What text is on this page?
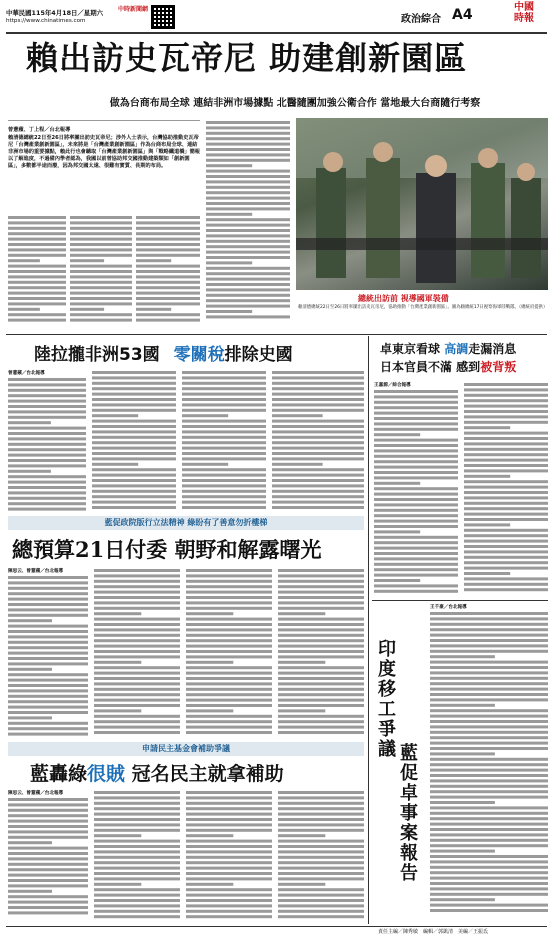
中華民國115年4月18日／星期六
https://www.chinatimes.com
中時新聞網
政治綜合 A4	中國時報
賴出訪史瓦帝尼 助建創新園區
做為台商布局全球 連結非洲市場據點 北醫隨團加強公衛合作 當地最大台商隨行考察
曾薏蘋、丁上程／台北報導
賴清德總統22日至26日將率團出訪史瓦帝尼；涉外人士表示，台灣協助推動史瓦帝尼「台灣產業創新園區」，未來將是「台灣產業創新園區」作為台商布局全球、連結非洲市場的重要據點，賴此行也會聽取「台灣產業創新園區」與「戰略鐵道橋」簡報以了解進度，不過備內學者認為，我國以前曾協助邦交國推動建築類如「創新園區」，多數都半途而廢，因為邦交國太遠、很難有實質、長期的布局。
總統出訪前 視導國軍裝備
賴清德總統22日至26日將率團出訪史瓦帝尼，協助推動「台灣產業創新園區」。圖為賴總統17日視察海軍陸戰隊。（總統府提供）
陸拉攏非洲53國 零關稅排除史國
曾薏蘋／台北報導
藍促政院版行立法精神 綠盼有了善意勿折樓梯
總預算21日付委 朝野和解露曙光
陳思云、曾薏蘋／台北報導
申請民主基金會補助爭議
藍轟綠很賊 冠名民主就拿補助
陳思云、曾薏蘋／台北報導
卓東京看球 高調走漏消息
日本官員不滿 感到被背叛
王嘉源／綜合報導
印度移工爭議 藍促卓事案報告
王千豪／台北報導
責任主編／陳秀敏　編輯／郭凱清　美編／王振氐
